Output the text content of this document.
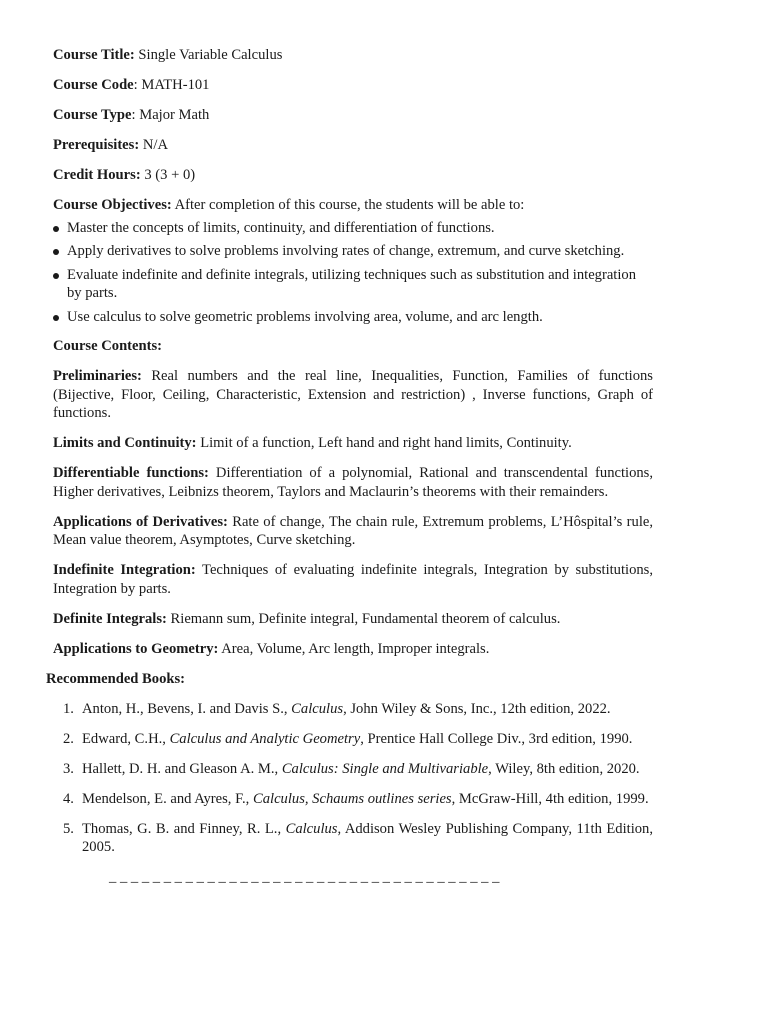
Course Title: Single Variable Calculus
Course Code: MATH-101
Course Type: Major Math
Prerequisites: N/A
Credit Hours: 3 (3 + 0)
Course Objectives: After completion of this course, the students will be able to:
Master the concepts of limits, continuity, and differentiation of functions.
Apply derivatives to solve problems involving rates of change, extremum, and curve sketching.
Evaluate indefinite and definite integrals, utilizing techniques such as substitution and integration by parts.
Use calculus to solve geometric problems involving area, volume, and arc length.
Course Contents:
Preliminaries: Real numbers and the real line, Inequalities, Function, Families of functions (Bijective, Floor, Ceiling, Characteristic, Extension and restriction) , Inverse functions, Graph of functions.
Limits and Continuity: Limit of a function, Left hand and right hand limits, Continuity.
Differentiable functions: Differentiation of a polynomial, Rational and transcendental functions, Higher derivatives, Leibnizs theorem, Taylors and Maclaurin’s theorems with their remainders.
Applications of Derivatives: Rate of change, The chain rule, Extremum problems, L’Hôspital’s rule, Mean value theorem, Asymptotes, Curve sketching.
Indefinite Integration: Techniques of evaluating indefinite integrals, Integration by substitutions, Integration by parts.
Definite Integrals: Riemann sum, Definite integral, Fundamental theorem of calculus.
Applications to Geometry: Area, Volume, Arc length, Improper integrals.
Recommended Books:
1. Anton, H., Bevens, I. and Davis S., Calculus, John Wiley & Sons, Inc., 12th edition, 2022.
2. Edward, C.H., Calculus and Analytic Geometry, Prentice Hall College Div., 3rd edition, 1990.
3. Hallett, D. H. and Gleason A. M., Calculus: Single and Multivariable, Wiley, 8th edition, 2020.
4. Mendelson, E. and Ayres, F., Calculus, Schaums outlines series, McGraw-Hill, 4th edition, 1999.
5. Thomas, G. B. and Finney, R. L., Calculus, Addison Wesley Publishing Company, 11th Edition, 2005.
_ _ _ _ _ _ _ _ _ _ _ _ _ _ _ _ _ _ _ _ _ _ _ _ _ _ _ _ _ _ _ _ _ _ _ _
